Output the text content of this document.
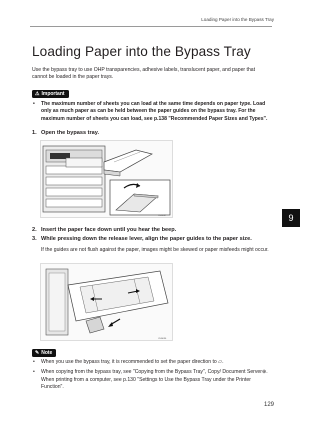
Loading Paper into the Bypass Tray
Loading Paper into the Bypass Tray

Use the bypass tray to use OHP transparencies, adhesive labels, translucent paper, and paper that cannot be loaded in the paper trays.

⚠ Important
• The maximum number of sheets you can load at the same time depends on paper type. Load only as much paper as can be held between the paper guides on the bypass tray. For the maximum number of sheets you can load, see p.138 "Recommended Paper Sizes and Types".
1. Open the bypass tray.
CUB087
2. Insert the paper face down until you hear the beep.
3. While pressing down the release lever, align the paper guides to the paper size.

If the guides are not flush against the paper, images might be skewed or paper misfeeds might occur.

CUB036
9
✎ Note
• When you use the bypass tray, it is recommended to set the paper direction to ▱.
• When copying from the bypass tray, see "Copying from the Bypass Tray", Copy/ Document Server⊕. When printing from a computer, see p.130 "Settings to Use the Bypass Tray under the Printer Function".
129
